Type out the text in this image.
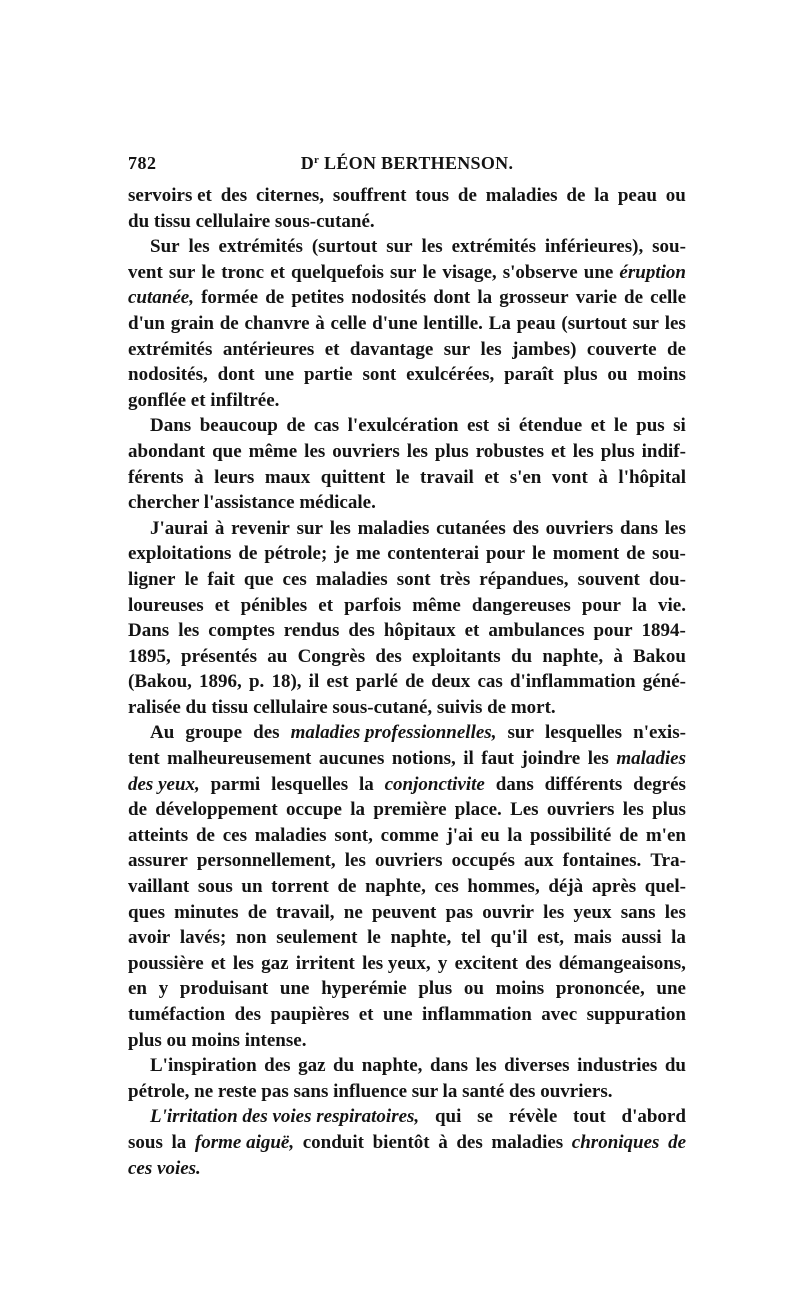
782	$D^r$ LÉON BERTHENSON.
servoirs et des citernes, souffrent tous de maladies de la peau ou
du tissu cellulaire sous-cutané.
Sur les extrémités (surtout sur les extrémités inférieures), sou-
vent sur le tronc et quelquefois sur le visage, s'observe une éruption
cutanée, formée de petites nodosités dont la grosseur varie de celle
d'un grain de chanvre à celle d'une lentille. La peau (surtout sur les
extrémités antérieures et davantage sur les jambes) couverte de
nodosités, dont une partie sont exulcérées, paraît plus ou moins
gonflée et infiltrée.
Dans beaucoup de cas l'exulcération est si étendue et le pus si
abondant que même les ouvriers les plus robustes et les plus indif-
férents à leurs maux quittent le travail et s'en vont à l'hôpital
chercher l'assistance médicale.
J'aurai à revenir sur les maladies cutanées des ouvriers dans les
exploitations de pétrole; je me contenterai pour le moment de sou-
ligner le fait que ces maladies sont très répandues, souvent dou-
loureuses et pénibles et parfois même dangereuses pour la vie.
Dans les comptes rendus des hôpitaux et ambulances pour 1894-
1895, présentés au Congrès des exploitants du naphte, à Bakou
(Bakou, 1896, p. 18), il est parlé de deux cas d'inflammation géné-
ralisée du tissu cellulaire sous-cutané, suivis de mort.
Au groupe des maladies professionnelles, sur lesquelles n'exis-
tent malheureusement aucunes notions, il faut joindre les maladies
des yeux, parmi lesquelles la conjonctivite dans différents degrés
de développement occupe la première place. Les ouvriers les plus
atteints de ces maladies sont, comme j'ai eu la possibilité de m'en
assurer personnellement, les ouvriers occupés aux fontaines. Tra-
vaillant sous un torrent de naphte, ces hommes, déjà après quel-
ques minutes de travail, ne peuvent pas ouvrir les yeux sans les
avoir lavés; non seulement le naphte, tel qu'il est, mais aussi la
poussière et les gaz irritent les yeux, y excitent des démangeaisons,
en y produisant une hyperémie plus ou moins prononcée, une
tuméfaction des paupières et une inflammation avec suppuration
plus ou moins intense.
L'inspiration des gaz du naphte, dans les diverses industries du
pétrole, ne reste pas sans influence sur la santé des ouvriers.
L'irritation des voies respiratoires, qui se révèle tout d'abord
sous la forme aiguë, conduit bientôt à des maladies chroniques de
ces voies.
